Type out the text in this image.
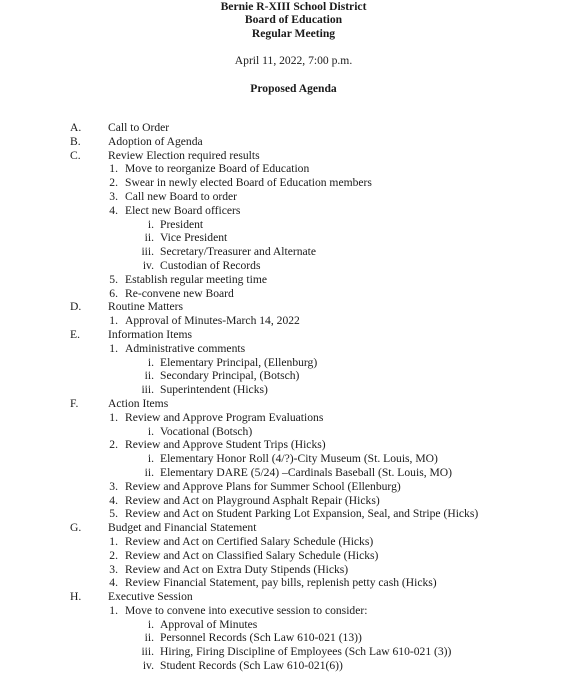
Bernie R-XIII School District
Board of Education
Regular Meeting
April 11, 2022, 7:00 p.m.
Proposed Agenda
A. Call to Order
B. Adoption of Agenda
C. Review Election required results
1. Move to reorganize Board of Education
2. Swear in newly elected Board of Education members
3. Call new Board to order
4. Elect new Board officers
i. President
ii. Vice President
iii. Secretary/Treasurer and Alternate
iv. Custodian of Records
5. Establish regular meeting time
6. Re-convene new Board
D. Routine Matters
1. Approval of Minutes-March 14, 2022
E. Information Items
1. Administrative comments
i. Elementary Principal, (Ellenburg)
ii. Secondary Principal, (Botsch)
iii. Superintendent (Hicks)
F.	Action Items
1. Review and Approve Program Evaluations
i. Vocational (Botsch)
2. Review and Approve Student Trips (Hicks)
i. Elementary Honor Roll (4/?)-City Museum (St. Louis, MO)
ii. Elementary DARE (5/24) –Cardinals Baseball (St. Louis, MO)
3. Review and Approve Plans for Summer School (Ellenburg)
4. Review and Act on Playground Asphalt Repair (Hicks)
5. Review and Act on Student Parking Lot Expansion, Seal, and Stripe (Hicks)
G. Budget and Financial Statement
1. Review and Act on Certified Salary Schedule (Hicks)
2. Review and Act on Classified Salary Schedule (Hicks)
3. Review and Act on Extra Duty Stipends (Hicks)
4. Review Financial Statement, pay bills, replenish petty cash (Hicks)
H. Executive Session
1. Move to convene into executive session to consider:
i. Approval of Minutes
ii. Personnel Records (Sch Law 610-021 (13))
iii. Hiring, Firing Discipline of Employees (Sch Law 610-021 (3))
iv. Student Records (Sch Law 610-021(6))
